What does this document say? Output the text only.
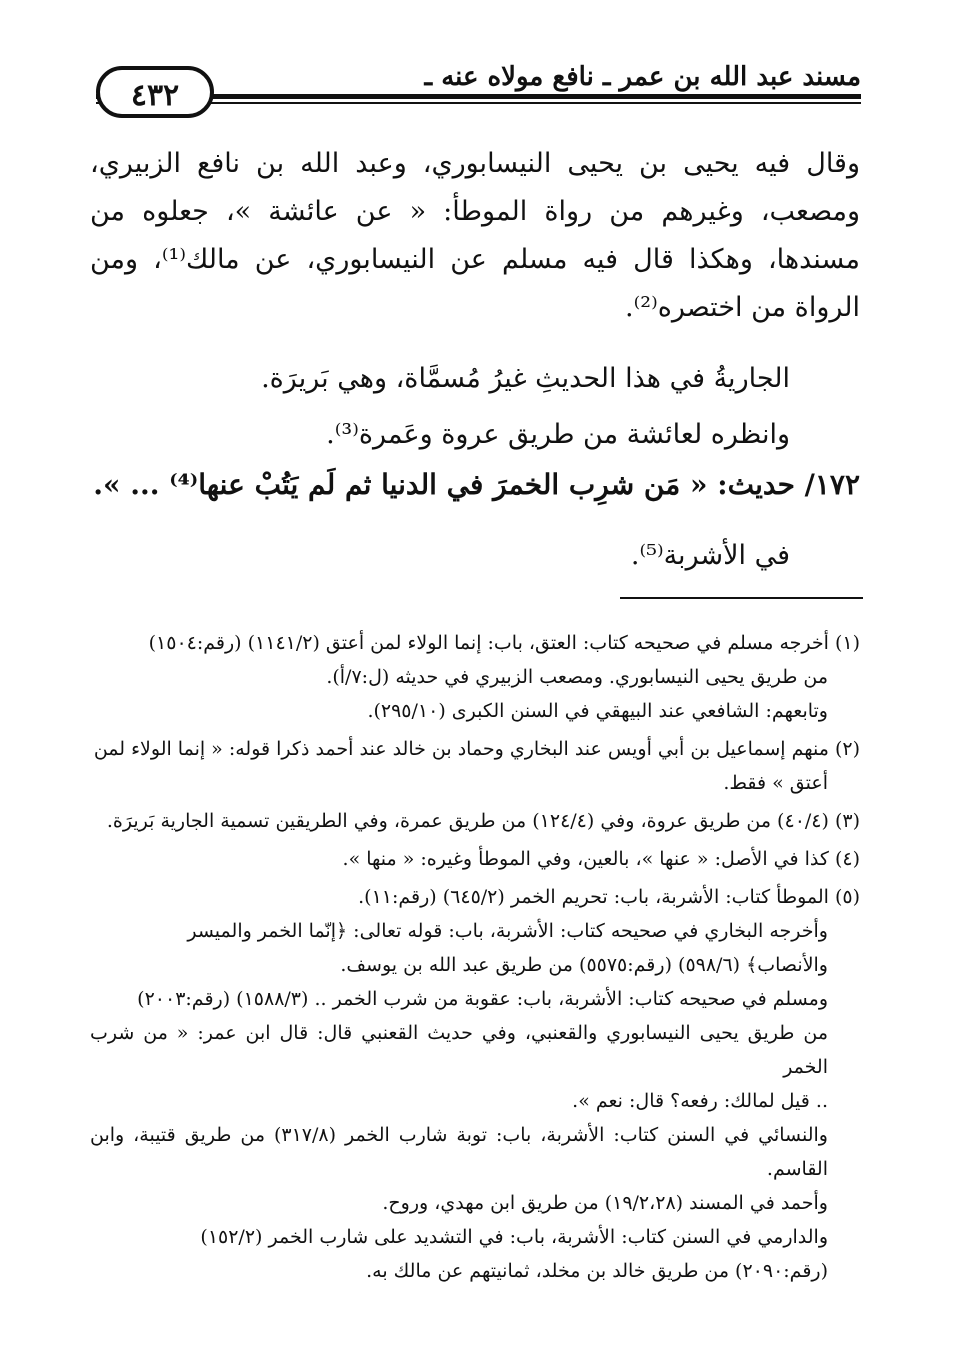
مسند عبد الله بن عمر ـ نافع مولاه عنه ـ
٤٣٢

وقال فيه يحيى بن يحيى النيسابوري، وعبد الله بن نافع الزبيري، ومصعب، وغيرهم من رواة الموطأ: « عن عائشة »، جعلوه من مسندها، وهكذا قال فيه مسلم عن النيسابوري، عن مالك⁽¹⁾، ومن الرواة من اختصره⁽²⁾.

الجاريةُ في هذا الحديثِ غيرُ مُسمَّاة، وهي بَريرَة.
وانظره لعائشة من طريق عروة وعَمرة⁽³⁾.
١٧٢/ حديث: « مَن شرِب الخمرَ في الدنيا ثم لَم يَتُبْ عنها⁽⁴⁾ ... ».
في الأشربة⁽⁵⁾.

(١)أخرجه مسلم في صحيحه كتاب: العتق، باب: إنما الولاء لمن أعتق (١١٤١/٢) (رقم:١٥٠٤)

من طريق يحيى النيسابوري. ومصعب الزبيري في حديثه (ل:٧/أ).

وتابعهم: الشافعي عند البيهقي في السنن الكبرى (٢٩٥/١٠).

(٢)منهم إسماعيل بن أبي أويس عند البخاري وحماد بن خالد عند أحمد ذكرا قوله: « إنما الولاء لمن

أعتق » فقط.

(٣)(٤٠/٤) من طريق عروة، وفي (١٢٤/٤) من طريق عمرة، وفي الطريقين تسمية الجارية بَريرَة.

(٤)كذا في الأصل: « عنها »، بالعين، وفي الموطأ وغيره: « منها ».

(٥)الموطأ كتاب: الأشربة، باب: تحريم الخمر (٦٤٥/٢) (رقم:١١).

وأخرجه البخاري في صحيحه كتاب: الأشربة، باب: قوله تعالى: ﴿إنّما الخمر والميسر

والأنصاب﴾ (٥٩٨/٦) (رقم:٥٥٧٥) من طريق عبد الله بن يوسف.

ومسلم في صحيحه كتاب: الأشربة، باب: عقوبة من شرب الخمر .. (١٥٨٨/٣) (رقم:٢٠٠٣)

من طريق يحيى النيسابوري والقعنبي، وفي حديث القعنبي قال: قال ابن عمر: « من شرب الخمر

.. قيل لمالك: رفعه؟ قال: نعم ».

والنسائي في السنن كتاب: الأشربة، باب: توبة شارب الخمر (٣١٧/٨) من طريق قتيبة، وابن القاسم.

وأحمد في المسند (١٩/٢،٢٨) من طريق ابن مهدي، وروح.

والدارمي في السنن كتاب: الأشربة، باب: في التشديد على شارب الخمر (١٥٢/٢)

(رقم:٢٠٩٠) من طريق خالد بن مخلد، ثمانيتهم عن مالك به.
